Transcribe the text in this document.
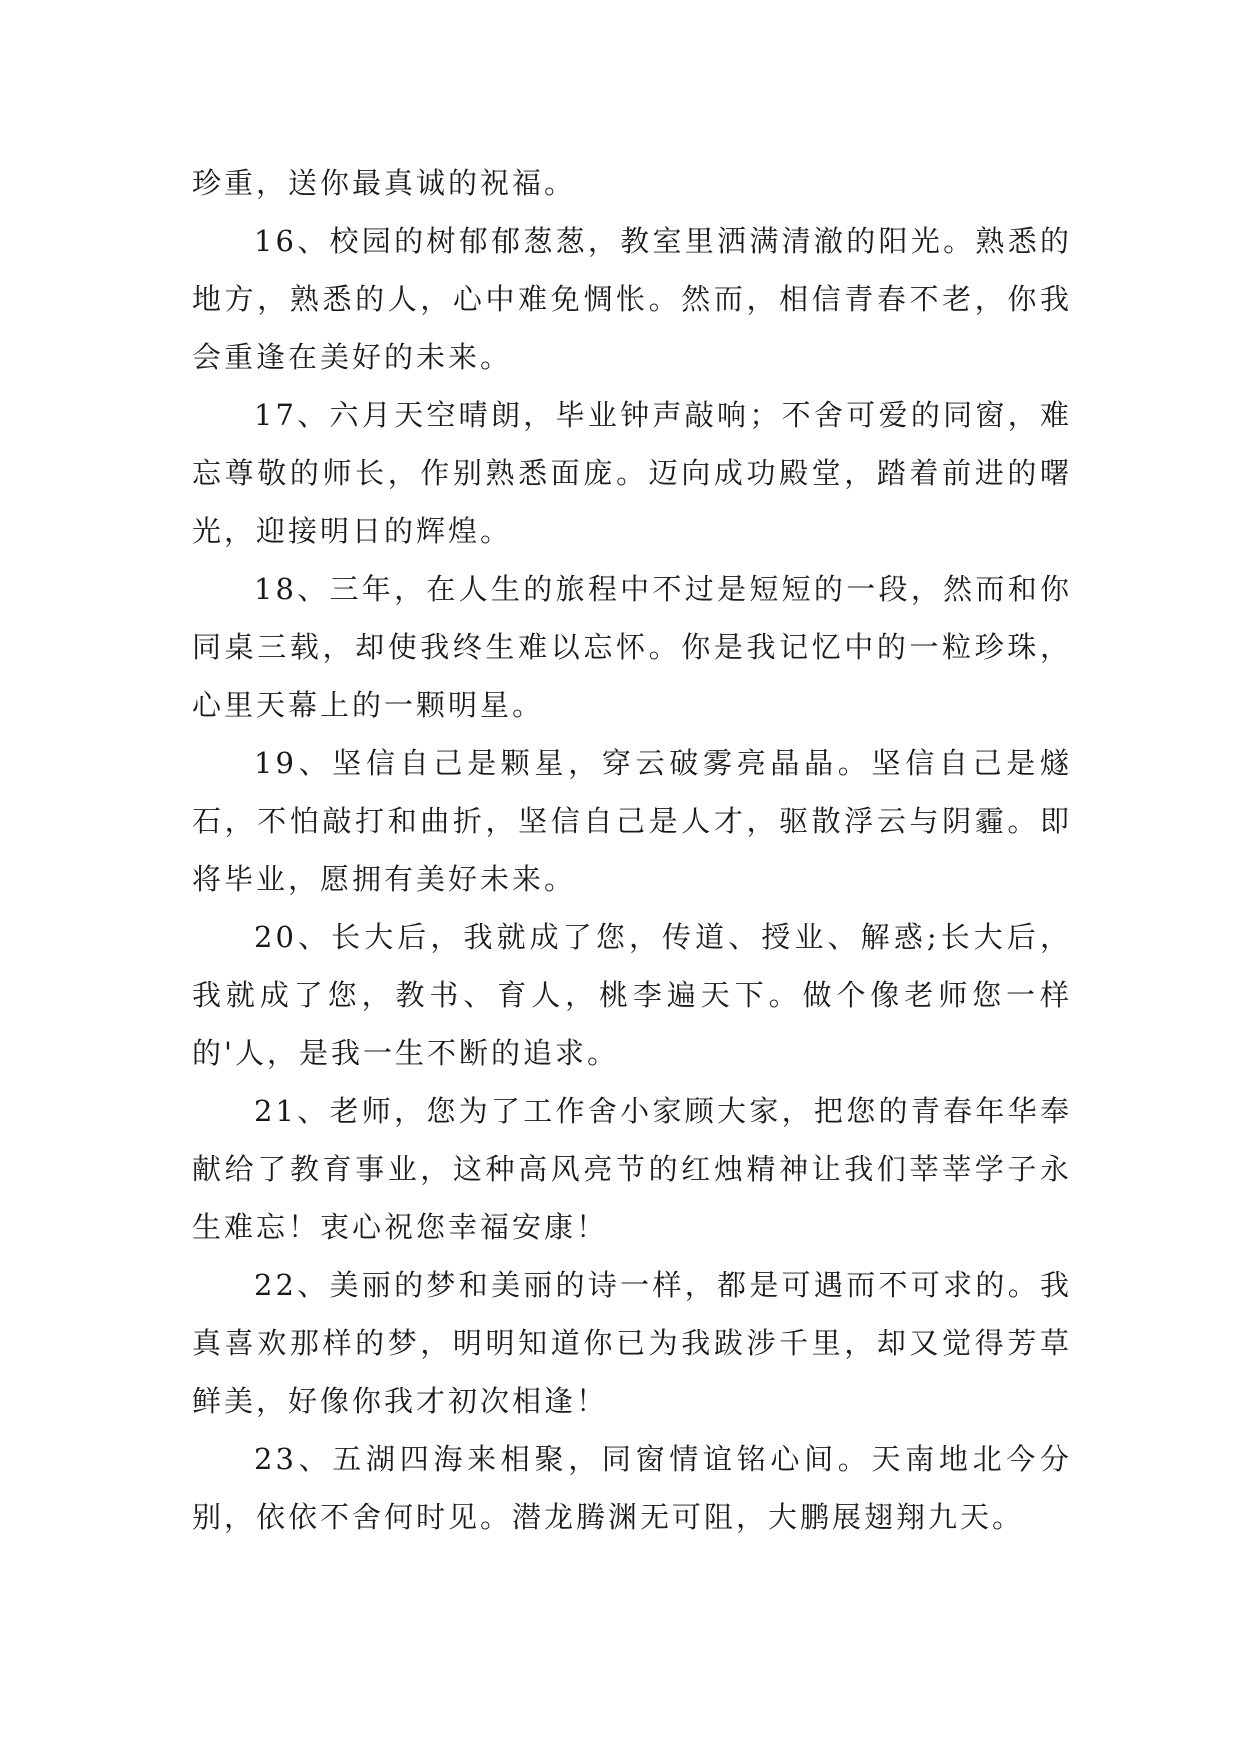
珍重，送你最真诚的祝福。

16、校园的树郁郁葱葱，教室里洒满清澈的阳光。熟悉的地方，熟悉的人，心中难免惆怅。然而，相信青春不老，你我会重逢在美好的未来。

17、六月天空晴朗，毕业钟声敲响；不舍可爱的同窗，难忘尊敬的师长，作别熟悉面庞。迈向成功殿堂，踏着前进的曙光，迎接明日的辉煌。

18、三年，在人生的旅程中不过是短短的一段，然而和你同桌三载，却使我终生难以忘怀。你是我记忆中的一粒珍珠，心里天幕上的一颗明星。

19、坚信自己是颗星，穿云破雾亮晶晶。坚信自己是燧石，不怕敲打和曲折，坚信自己是人才，驱散浮云与阴霾。即将毕业，愿拥有美好未来。

20、长大后，我就成了您，传道、授业、解惑;长大后，我就成了您，教书、育人，桃李遍天下。做个像老师您一样的'人，是我一生不断的追求。

21、老师，您为了工作舍小家顾大家，把您的青春年华奉献给了教育事业，这种高风亮节的红烛精神让我们莘莘学子永生难忘！衷心祝您幸福安康！

22、美丽的梦和美丽的诗一样，都是可遇而不可求的。我真喜欢那样的梦，明明知道你已为我跋涉千里，却又觉得芳草鲜美，好像你我才初次相逢！

23、五湖四海来相聚，同窗情谊铭心间。天南地北今分别，依依不舍何时见。潜龙腾渊无可阻，大鹏展翅翔九天。
